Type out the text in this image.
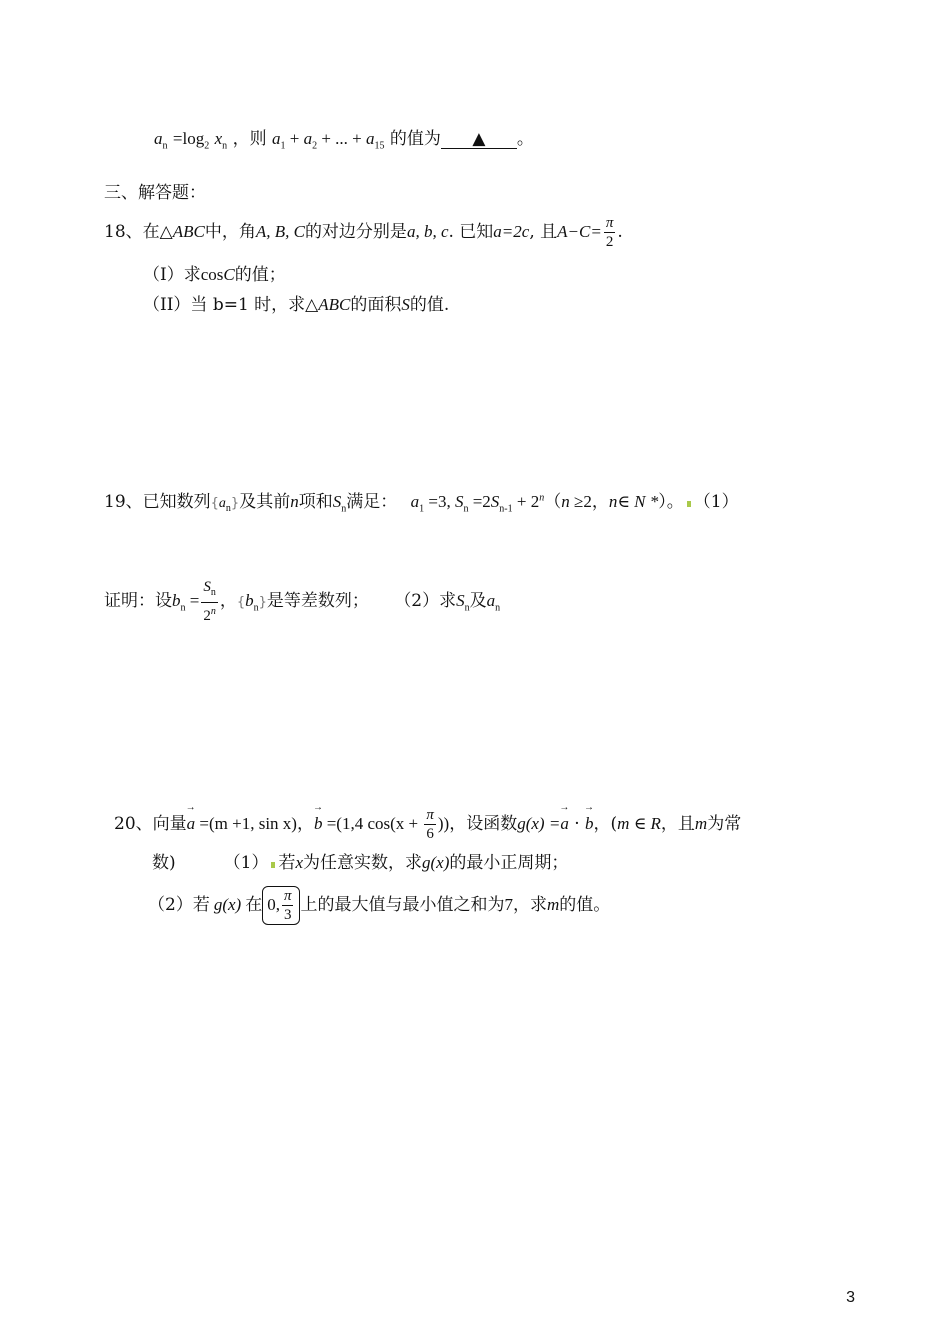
$a_n =\log_2$ $x_n$ ，则 $a_1 + a_2$ + ... + $a_{15}$ 的值为 ▲ 。
三、解答题：
18、在△ABC中，角A, B, C的对边分别是a, b, c. 已知a=2c, 且$A-C= \frac{\pi}{2}$ .
（I）求cosC的值；
（II）当 b=1 时，求△ABC的面积S的值.
19、已知数列$\{a_n\}$及其前n项和$S_n$满足： $a_1 =3$, $S_n =2S_{n-1} + 2^n(n \ge 2$，n∈ N *）。 （1）
证明：设$b_n = \frac{S_n}{2^n}$ ，$\{b_n\}$是等差数列； （2）求$S_n$及$a_n$
20、向量→ a =(m +1, sin x)，→ b =(1,4 $\cos(x + \frac{\pi}{6}$ ))，设函数g(x) =→ a · → b，(m ∈ R，且m为常
数)	（1） 若x为任意实数，求g(x)的最小正周期；
（2）若 g(x) 在 0, $\frac{\pi}{3}$ 上的最大值与最小值之和为7，求m的值。
3
